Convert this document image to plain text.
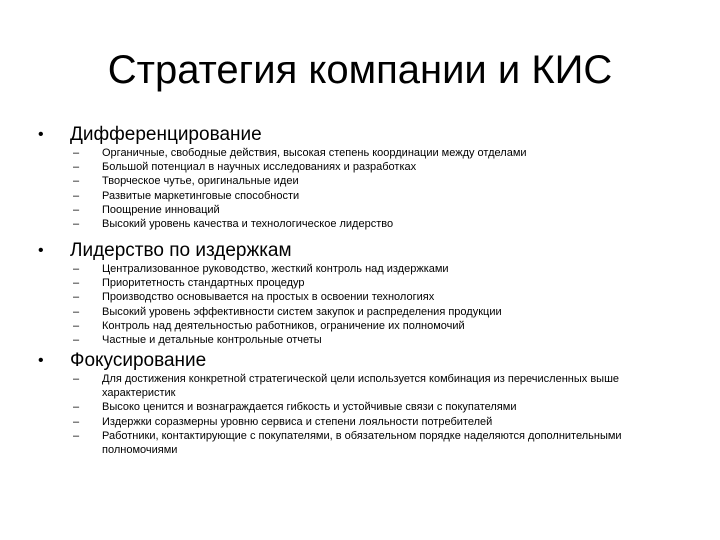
Стратегия компании и КИС
• Дифференцирование
– Органичные, свободные действия, высокая степень координации между отделами
– Большой потенциал в научных исследованиях и разработках
– Творческое чутье, оригинальные идеи
– Развитые маркетинговые способности
– Поощрение инноваций
– Высокий уровень качества и технологическое лидерство
• Лидерство по издержкам
– Централизованное руководство, жесткий контроль над издержками
– Приоритетность стандартных процедур
– Производство основывается на простых в освоении технологиях
– Высокий уровень эффективности систем закупок и распределения продукции
– Контроль над деятельностью работников, ограничение их полномочий
– Частные и детальные контрольные отчеты
• Фокусирование
– Для достижения конкретной стратегической цели используется комбинация из перечисленных выше характеристик
– Высоко ценится и вознаграждается гибкость и устойчивые связи с покупателями
– Издержки соразмерны уровню сервиса и степени лояльности потребителей
– Работники, контактирующие с покупателями, в обязательном порядке наделяются дополнительными полномочиями
